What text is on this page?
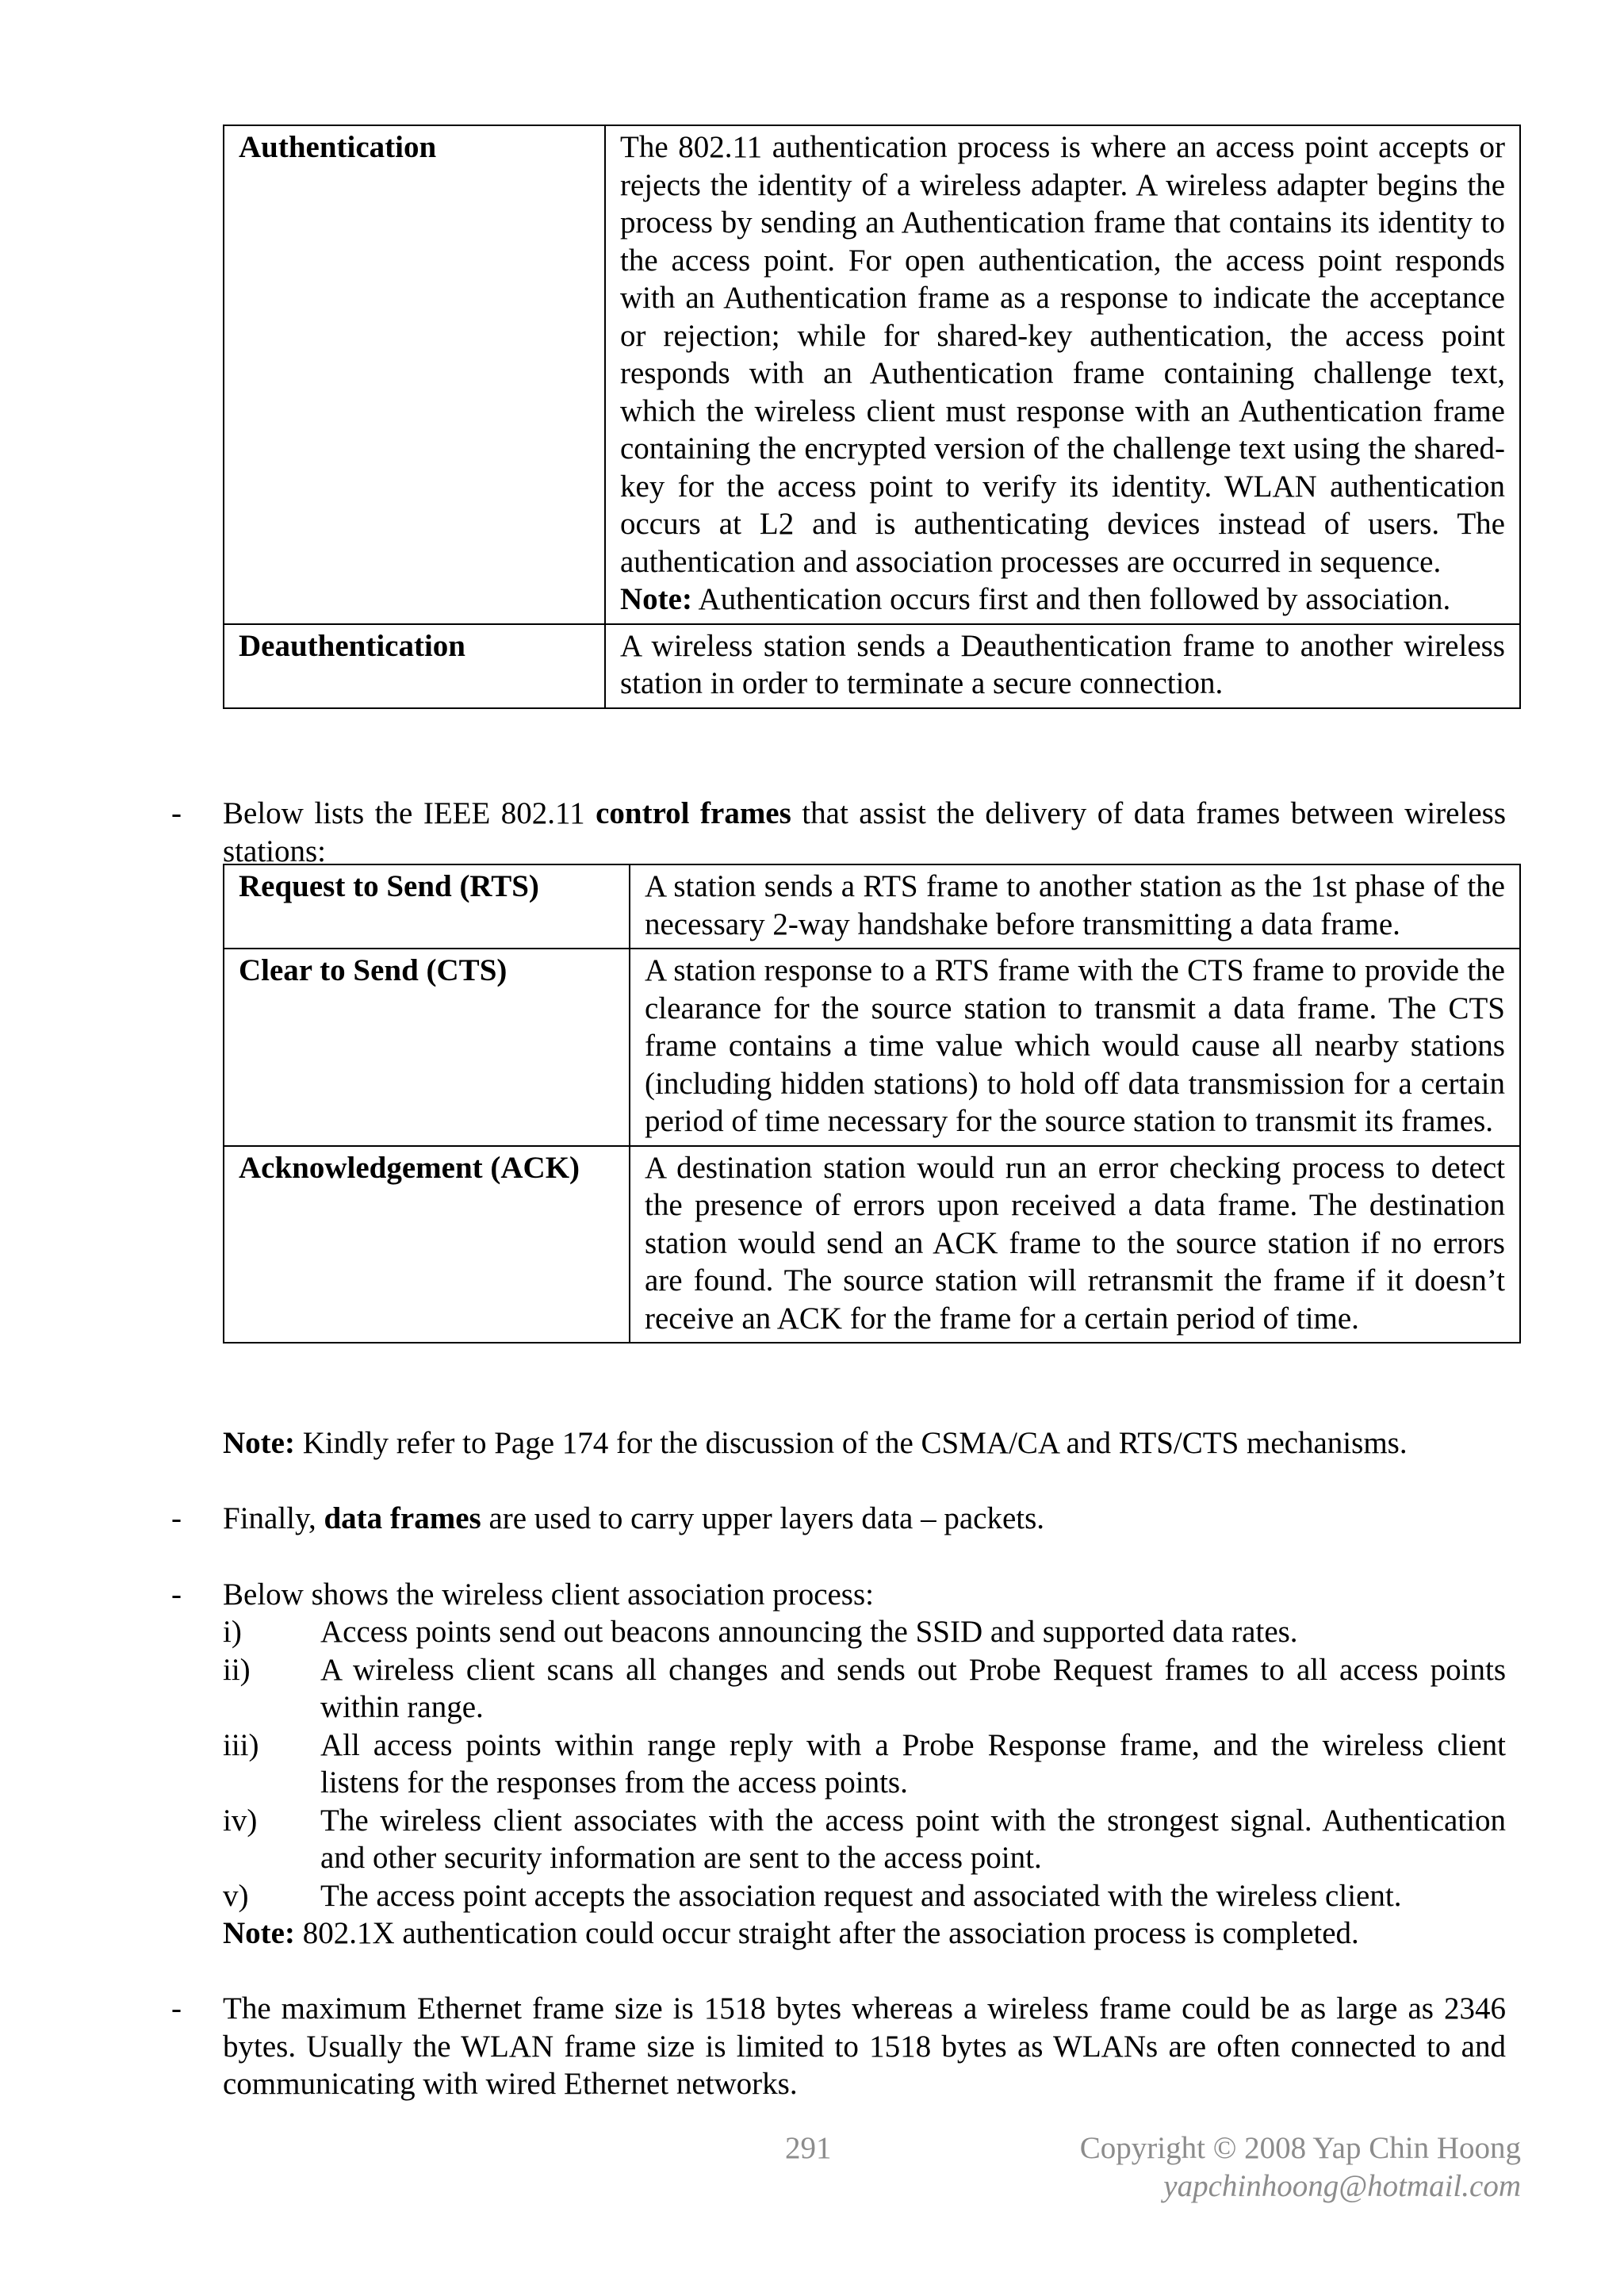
Authentication	The 802.11 authentication process is where an access point accepts or rejects the identity of a wireless adapter. A wireless adapter begins the process by sending an Authentication frame that contains its identity to the access point. For open authentication, the access point responds with an Authentication frame as a response to indicate the acceptance or rejection; while for shared-key authentication, the access point responds with an Authentication frame containing challenge text, which the wireless client must response with an Authentication frame containing the encrypted version of the challenge text using the shared-key for the access point to verify its identity. WLAN authentication occurs at L2 and is authenticating devices instead of users. The authentication and association processes are occurred in sequence.
Note: Authentication occurs first and then followed by association.

Deauthentication	A wireless station sends a Deauthentication frame to another wireless station in order to terminate a secure connection.
- Below lists the IEEE 802.11 control frames that assist the delivery of data frames between wireless stations:
Request to Send (RTS)	A station sends a RTS frame to another station as the 1st phase of the necessary 2-way handshake before transmitting a data frame.
Clear to Send (CTS)	A station response to a RTS frame with the CTS frame to provide the clearance for the source station to transmit a data frame. The CTS frame contains a time value which would cause all nearby stations (including hidden stations) to hold off data transmission for a certain period of time necessary for the source station to transmit its frames.
Acknowledgement (ACK)	A destination station would run an error checking process to detect the presence of errors upon received a data frame. The destination station would send an ACK frame to the source station if no errors are found. The source station will retransmit the frame if it doesn’t receive an ACK for the frame for a certain period of time.
Note: Kindly refer to Page 174 for the discussion of the CSMA/CA and RTS/CTS mechanisms.
- Finally, data frames are used to carry upper layers data – packets.
- Below shows the wireless client association process:
i)	Access points send out beacons announcing the SSID and supported data rates.
ii)	A wireless client scans all changes and sends out Probe Request frames to all access points within range.
iii)	All access points within range reply with a Probe Response frame, and the wireless client listens for the responses from the access points.
iv)	The wireless client associates with the access point with the strongest signal. Authentication and other security information are sent to the access point.
v)	The access point accepts the association request and associated with the wireless client.
Note: 802.1X authentication could occur straight after the association process is completed.
- The maximum Ethernet frame size is 1518 bytes whereas a wireless frame could be as large as 2346 bytes. Usually the WLAN frame size is limited to 1518 bytes as WLANs are often connected to and communicating with wired Ethernet networks.
291	Copyright © 2008 Yap Chin Hoong
yapchinhoong@hotmail.com
